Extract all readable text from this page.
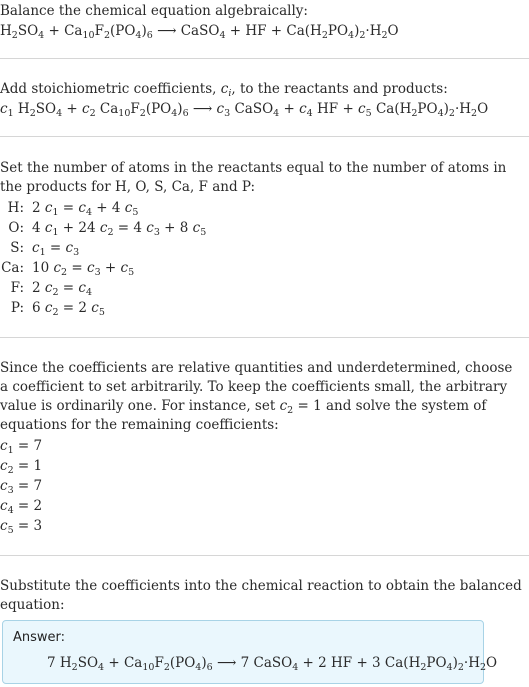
Balance the chemical equation algebraically:
$H_2SO_4 + Ca_{10}F_2(PO_4)_6$ ⟶ CaSO$_4$ + HF + $Ca(H_2PO_4)_2\cdot H_2O$
Add stoichiometric coefficients, $c_i$, to the reactants and products:
$c_1$ $H_2SO_4 + c_2$ $Ca_{10}F_2(PO_4)_6$ ⟶ $c_3$ CaSO$_4$ + $c_4$ HF + $c_5$ $Ca(H_2PO_4)_2\cdot H_2O$
Set the number of atoms in the reactants equal to the number of atoms in the products for H, O, S, Ca, F and P:
H: 2 $c_1 = c_4 + 4$ $c_5$
O: 4 $c_1 + 24$ $c_2 = 4$ $c_3 + 8$ $c_5$
S: $c_1 = c_3$
Ca: 10 $c_2 = c_3 + c_5$
F: 2 $c_2 = c_4$
P: 6 $c_2 = 2$ $c_5$
Since the coefficients are relative quantities and underdetermined, choose a coefficient to set arbitrarily. To keep the coefficients small, the arbitrary value is ordinarily one. For instance, set $c_2 = 1$ and solve the system of equations for the remaining coefficients:
$c_1 = 7$
$c_2 = 1$
$c_3 = 7$
$c_4 = 2$
$c_5 = 3$
Substitute the coefficients into the chemical reaction to obtain the balanced equation:
Answer:
7 $H_2SO_4 + Ca_{10}F_2(PO_4)_6$ ⟶ 7 CaSO$_4$ + 2 HF + 3 $Ca(H_2PO_4)_2\cdot H_2O$
